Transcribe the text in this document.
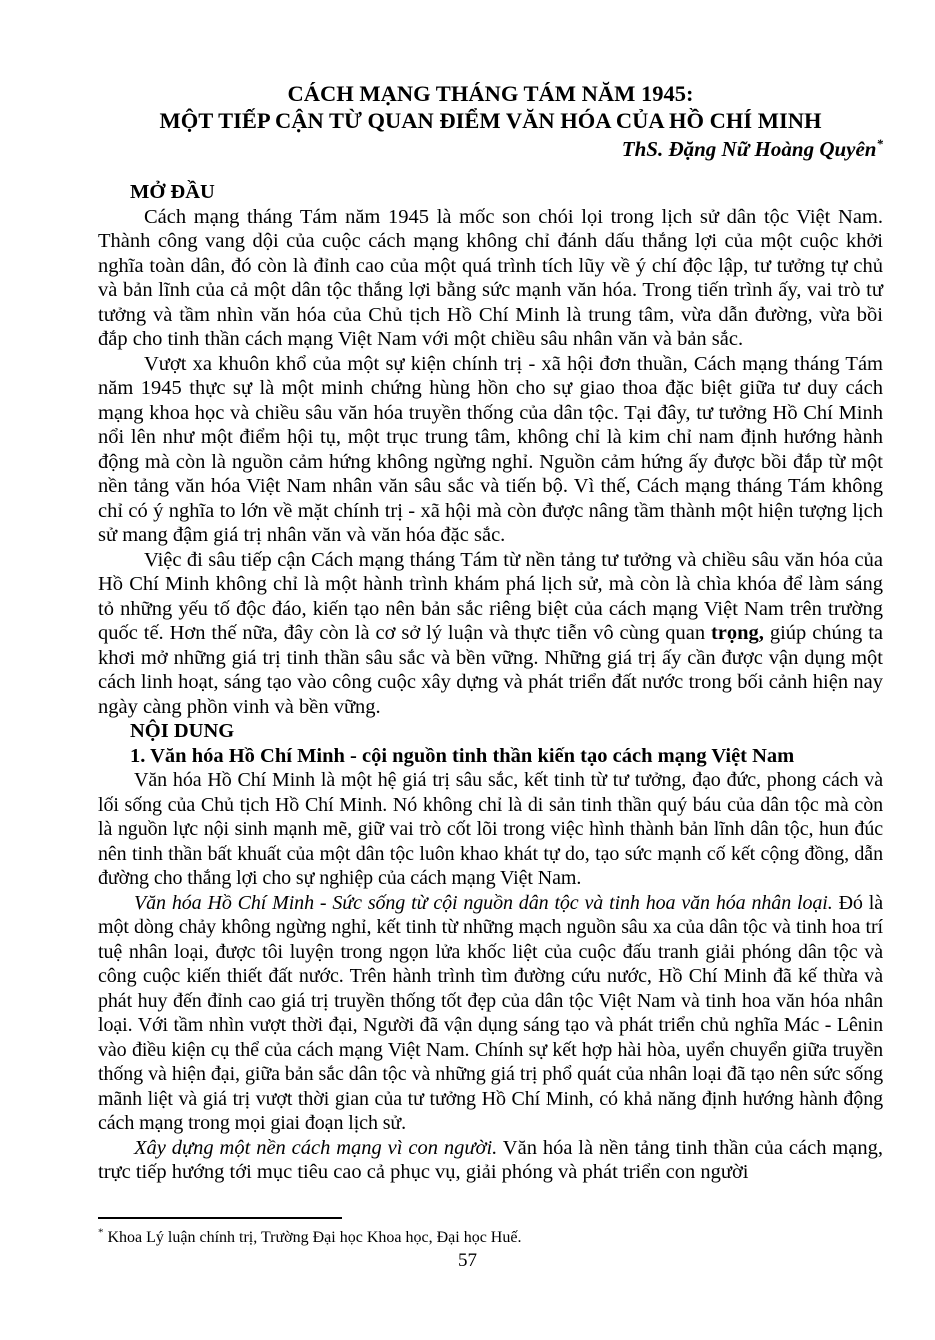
CÁCH MẠNG THÁNG TÁM NĂM 1945:
MỘT TIẾP CẬN TỪ QUAN ĐIỂM VĂN HÓA CỦA HỒ CHÍ MINH
ThS. Đặng Nữ Hoàng Quyên*
MỞ ĐẦU

Cách mạng tháng Tám năm 1945 là mốc son chói lọi trong lịch sử dân tộc Việt Nam. Thành công vang dội của cuộc cách mạng không chỉ đánh dấu thắng lợi của một cuộc khởi nghĩa toàn dân, đó còn là đỉnh cao của một quá trình tích lũy về ý chí độc lập, tư tưởng tự chủ và bản lĩnh của cả một dân tộc thắng lợi bằng sức mạnh văn hóa. Trong tiến trình ấy, vai trò tư tưởng và tầm nhìn văn hóa của Chủ tịch Hồ Chí Minh là trung tâm, vừa dẫn đường, vừa bồi đắp cho tinh thần cách mạng Việt Nam với một chiều sâu nhân văn và bản sắc.

Vượt xa khuôn khổ của một sự kiện chính trị - xã hội đơn thuần, Cách mạng tháng Tám năm 1945 thực sự là một minh chứng hùng hồn cho sự giao thoa đặc biệt giữa tư duy cách mạng khoa học và chiều sâu văn hóa truyền thống của dân tộc. Tại đây, tư tưởng Hồ Chí Minh nổi lên như một điểm hội tụ, một trục trung tâm, không chỉ là kim chỉ nam định hướng hành động mà còn là nguồn cảm hứng không ngừng nghỉ. Nguồn cảm hứng ấy được bồi đắp từ một nền tảng văn hóa Việt Nam nhân văn sâu sắc và tiến bộ. Vì thế, Cách mạng tháng Tám không chỉ có ý nghĩa to lớn về mặt chính trị - xã hội mà còn được nâng tầm thành một hiện tượng lịch sử mang đậm giá trị nhân văn và văn hóa đặc sắc.

Việc đi sâu tiếp cận Cách mạng tháng Tám từ nền tảng tư tưởng và chiều sâu văn hóa của Hồ Chí Minh không chỉ là một hành trình khám phá lịch sử, mà còn là chìa khóa để làm sáng tỏ những yếu tố độc đáo, kiến tạo nên bản sắc riêng biệt của cách mạng Việt Nam trên trường quốc tế. Hơn thế nữa, đây còn là cơ sở lý luận và thực tiễn vô cùng quan trọng, giúp chúng ta khơi mở những giá trị tinh thần sâu sắc và bền vững. Những giá trị ấy cần được vận dụng một cách linh hoạt, sáng tạo vào công cuộc xây dựng và phát triển đất nước trong bối cảnh hiện nay ngày càng phồn vinh và bền vững.

NỘI DUNG
1. Văn hóa Hồ Chí Minh - cội nguồn tinh thần kiến tạo cách mạng Việt Nam

Văn hóa Hồ Chí Minh là một hệ giá trị sâu sắc, kết tinh từ tư tưởng, đạo đức, phong cách và lối sống của Chủ tịch Hồ Chí Minh. Nó không chỉ là di sản tinh thần quý báu của dân tộc mà còn là nguồn lực nội sinh mạnh mẽ, giữ vai trò cốt lõi trong việc hình thành bản lĩnh dân tộc, hun đúc nên tinh thần bất khuất của một dân tộc luôn khao khát tự do, tạo sức mạnh cố kết cộng đồng, dẫn đường cho thắng lợi cho sự nghiệp của cách mạng Việt Nam.

Văn hóa Hồ Chí Minh - Sức sống từ cội nguồn dân tộc và tinh hoa văn hóa nhân loại. Đó là một dòng chảy không ngừng nghỉ, kết tinh từ những mạch nguồn sâu xa của dân tộc và tinh hoa trí tuệ nhân loại, được tôi luyện trong ngọn lửa khốc liệt của cuộc đấu tranh giải phóng dân tộc và công cuộc kiến thiết đất nước. Trên hành trình tìm đường cứu nước, Hồ Chí Minh đã kế thừa và phát huy đến đỉnh cao giá trị truyền thống tốt đẹp của dân tộc Việt Nam và tinh hoa văn hóa nhân loại. Với tầm nhìn vượt thời đại, Người đã vận dụng sáng tạo và phát triển chủ nghĩa Mác - Lênin vào điều kiện cụ thể của cách mạng Việt Nam. Chính sự kết hợp hài hòa, uyển chuyển giữa truyền thống và hiện đại, giữa bản sắc dân tộc và những giá trị phổ quát của nhân loại đã tạo nên sức sống mãnh liệt và giá trị vượt thời gian của tư tưởng Hồ Chí Minh, có khả năng định hướng hành động cách mạng trong mọi giai đoạn lịch sử.

Xây dựng một nền cách mạng vì con người. Văn hóa là nền tảng tinh thần của cách mạng, trực tiếp hướng tới mục tiêu cao cả phục vụ, giải phóng và phát triển con người

* Khoa Lý luận chính trị, Trường Đại học Khoa học, Đại học Huế.
57
